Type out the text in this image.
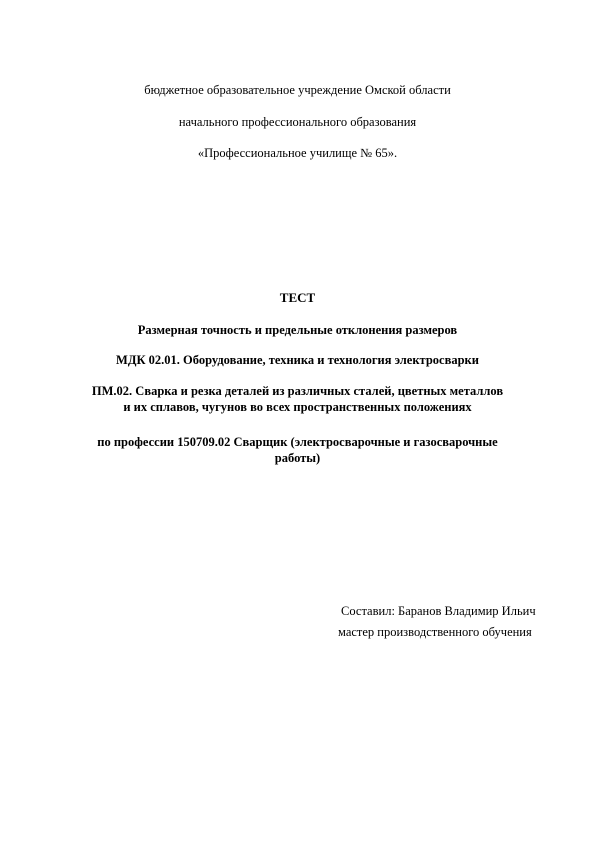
бюджетное образовательное учреждение Омской области
начального профессионального образования
«Профессиональное училище № 65».
ТЕСТ
Размерная точность и предельные отклонения размеров
МДК 02.01. Оборудование, техника и технология электросварки
ПМ.02. Сварка и резка деталей из различных сталей, цветных металлов
и их сплавов, чугунов во всех пространственных положениях
по профессии 150709.02 Сварщик (электросварочные и газосварочные
работы)
Составил: Баранов Владимир Ильич
мастер производственного обучения
